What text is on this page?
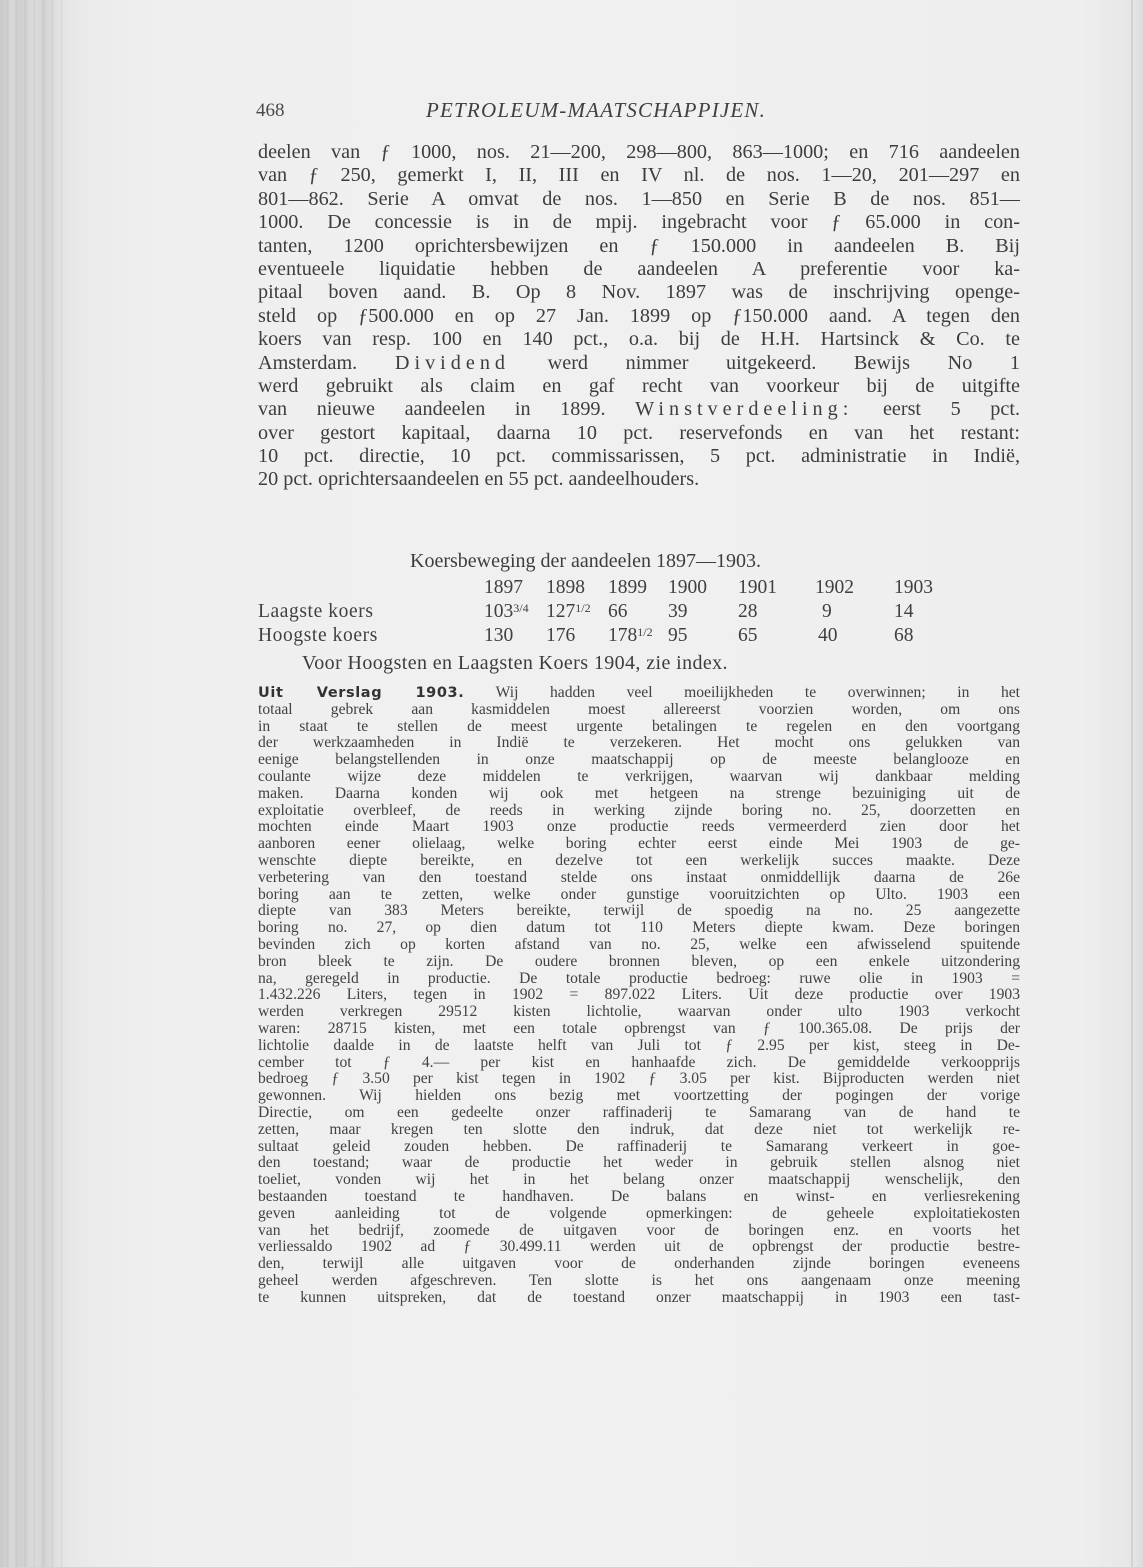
468	PETROLEUM-MAATSCHAPPIJEN.
deelen van ƒ 1000, nos. 21—200, 298—800, 863—1000; en 716 aandeelen
van ƒ 250, gemerkt I, II, III en IV nl. de nos. 1—20, 201—297 en
801—862. Serie A omvat de nos. 1—850 en Serie B de nos. 851—
1000. De concessie is in de mpij. ingebracht voor ƒ 65.000 in con-
tanten, 1200 oprichtersbewijzen en ƒ 150.000 in aandeelen B. Bij
eventueele liquidatie hebben de aandeelen A preferentie voor ka-
pitaal boven aand. B. Op 8 Nov. 1897 was de inschrijving openge-
steld op ƒ500.000 en op 27 Jan. 1899 op ƒ150.000 aand. A tegen den
koers van resp. 100 en 140 pct., o.a. bij de H.H. Hartsinck & Co. te
Amsterdam. Dividend werd nimmer uitgekeerd. Bewijs No 1
werd gebruikt als claim en gaf recht van voorkeur bij de uitgifte
van nieuwe aandeelen in 1899. Winstverdeeling: eerst 5 pct.
over gestort kapitaal, daarna 10 pct. reservefonds en van het restant:
10 pct. directie, 10 pct. commissarissen, 5 pct. administratie in Indië,
20 pct. oprichtersaandeelen en 55 pct. aandeelhouders.
Koersbeweging der aandeelen 1897—1903.
	1897	1898	1899	1900	1901	1902	1903
Laagste koers	$103^{3/4}$	$127^{1/2}$	66	39	28	9	14
Hoogste koers	130	176	$178^{1/2}$	95	65	40	68
Voor Hoogsten en Laagsten Koers 1904, zie index.
Uit Verslag 1903. Wij hadden veel moeilijkheden te overwinnen; in het
totaal gebrek aan kasmiddelen moest allereerst voorzien worden, om ons
in staat te stellen de meest urgente betalingen te regelen en den voortgang
der werkzaamheden in Indië te verzekeren. Het mocht ons gelukken van
eenige belangstellenden in onze maatschappij op de meeste belanglooze en
coulante wijze deze middelen te verkrijgen, waarvan wij dankbaar melding
maken. Daarna konden wij ook met hetgeen na strenge bezuiniging uit de
exploitatie overbleef, de reeds in werking zijnde boring no. 25, doorzetten en
mochten einde Maart 1903 onze productie reeds vermeerderd zien door het
aanboren eener olielaag, welke boring echter eerst einde Mei 1903 de ge-
wenschte diepte bereikte, en dezelve tot een werkelijk succes maakte. Deze
verbetering van den toestand stelde ons instaat onmiddellijk daarna de 26e
boring aan te zetten, welke onder gunstige vooruitzichten op Ulto. 1903 een
diepte van 383 Meters bereikte, terwijl de spoedig na no. 25 aangezette
boring no. 27, op dien datum tot 110 Meters diepte kwam. Deze boringen
bevinden zich op korten afstand van no. 25, welke een afwisselend spuitende
bron bleek te zijn. De oudere bronnen bleven, op een enkele uitzondering
na, geregeld in productie. De totale productie bedroeg: ruwe olie in 1903 =
1.432.226 Liters, tegen in 1902 = 897.022 Liters. Uit deze productie over 1903
werden verkregen 29512 kisten lichtolie, waarvan onder ulto 1903 verkocht
waren: 28715 kisten, met een totale opbrengst van ƒ 100.365.08. De prijs der
lichtolie daalde in de laatste helft van Juli tot ƒ 2.95 per kist, steeg in De-
cember tot ƒ 4.— per kist en hanhaafde zich. De gemiddelde verkoopprijs
bedroeg ƒ 3.50 per kist tegen in 1902 ƒ 3.05 per kist. Bijproducten werden niet
gewonnen. Wij hielden ons bezig met voortzetting der pogingen der vorige
Directie, om een gedeelte onzer raffinaderij te Samarang van de hand te
zetten, maar kregen ten slotte den indruk, dat deze niet tot werkelijk re-
sultaat geleid zouden hebben. De raffinaderij te Samarang verkeert in goe-
den toestand; waar de productie het weder in gebruik stellen alsnog niet
toeliet, vonden wij het in het belang onzer maatschappij wenschelijk, den
bestaanden toestand te handhaven. De balans en winst- en verliesrekening
geven aanleiding tot de volgende opmerkingen: de geheele exploitatiekosten
van het bedrijf, zoomede de uitgaven voor de boringen enz. en voorts het
verliessaldo 1902 ad ƒ 30.499.11 werden uit de opbrengst der productie bestre-
den, terwijl alle uitgaven voor de onderhanden zijnde boringen eveneens
geheel werden afgeschreven. Ten slotte is het ons aangenaam onze meening
te kunnen uitspreken, dat de toestand onzer maatschappij in 1903 een tast-
